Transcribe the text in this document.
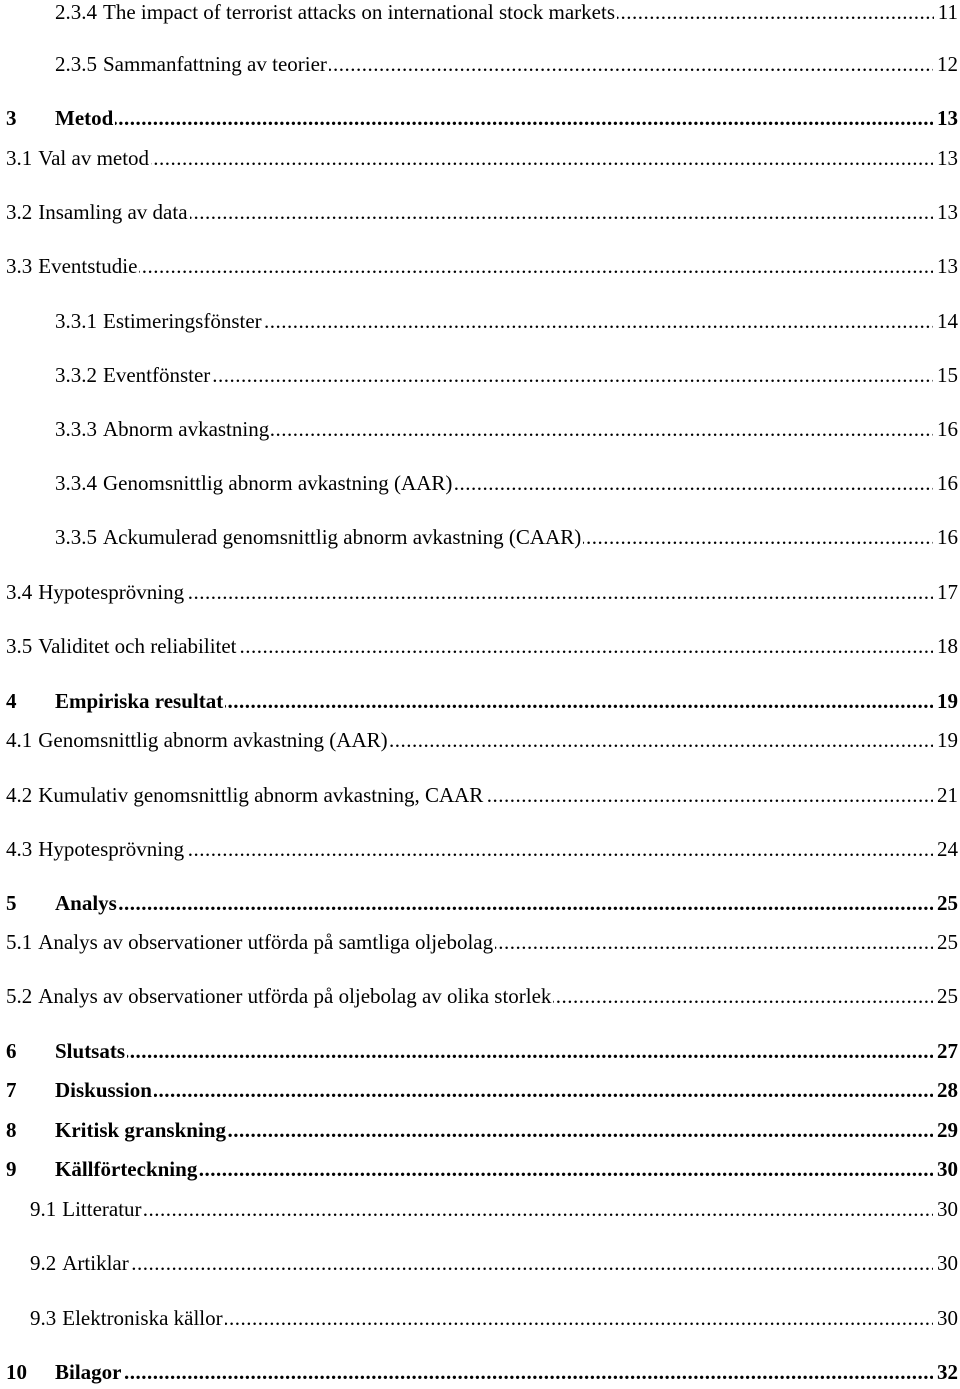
2.3.4 The impact of terrorist attacks on international stock markets .....	11
2.3.5 Sammanfattning av teorier .....	12
3 Metod .....	13
3.1 Val av metod .....	13
3.2 Insamling av data .....	13
3.3 Eventstudie .....	13
3.3.1 Estimeringsfönster .....	14
3.3.2 Eventfönster .....	15
3.3.3 Abnorm avkastning .....	16
3.3.4 Genomsnittlig abnorm avkastning (AAR) .....	16
3.3.5 Ackumulerad genomsnittlig abnorm avkastning (CAAR) .....	16
3.4 Hypotesprövning .....	17
3.5 Validitet och reliabilitet .....	18
4 Empiriska resultat .....	19
4.1 Genomsnittlig abnorm avkastning (AAR) .....	19
4.2 Kumulativ genomsnittlig abnorm avkastning, CAAR .....	21
4.3 Hypotesprövning .....	24
5 Analys .....	25
5.1 Analys av observationer utförda på samtliga oljebolag .....	25
5.2 Analys av observationer utförda på oljebolag av olika storlek .....	25
6 Slutsats .....	27
7 Diskussion .....	28
8 Kritisk granskning .....	29
9 Källförteckning .....	30
9.1 Litteratur .....	30
9.2 Artiklar .....	30
9.3 Elektroniska källor .....	30
10 Bilagor .....	32
